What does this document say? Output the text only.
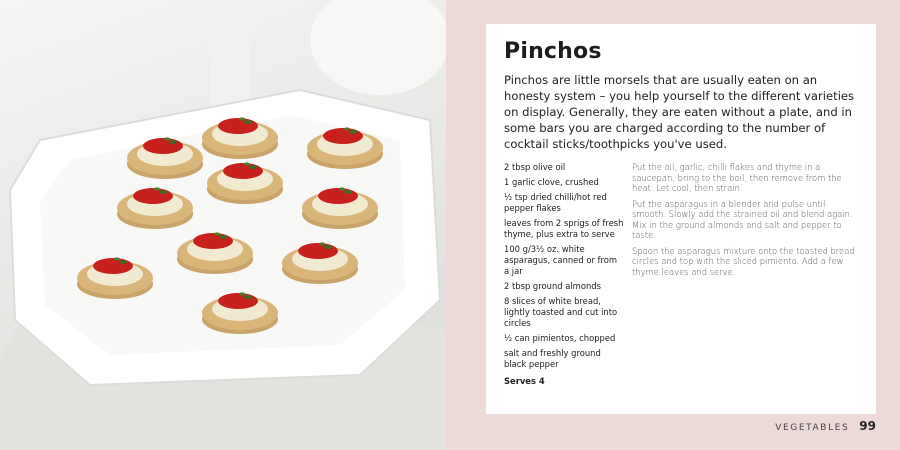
Pinchos

Pinchos are little morsels that are usually eaten on an honesty system – you help yourself to the different varieties on display. Generally, they are eaten without a plate, and in some bars you are charged according to the number of cocktail sticks/toothpicks you've used.

2 tbsp olive oil
1 garlic clove, crushed
½ tsp dried chilli/hot red pepper flakes
leaves from 2 sprigs of fresh thyme, plus extra to serve
100 g/3½ oz. white asparagus, canned or from a jar
2 tbsp ground almonds
8 slices of white bread, lightly toasted and cut into circles
½ can pimientos, chopped
salt and freshly ground black pepper
Serves 4

Put the oil, garlic, chilli flakes and thyme in a saucepan, bring to the boil, then remove from the heat. Let cool, then strain.

Put the asparagus in a blender and pulse until smooth. Slowly add the strained oil and blend again. Mix in the ground almonds and salt and pepper to taste.

Spoon the asparagus mixture onto the toasted bread circles and top with the sliced pimiento. Add a few thyme leaves and serve.

VEGETABLES 99
